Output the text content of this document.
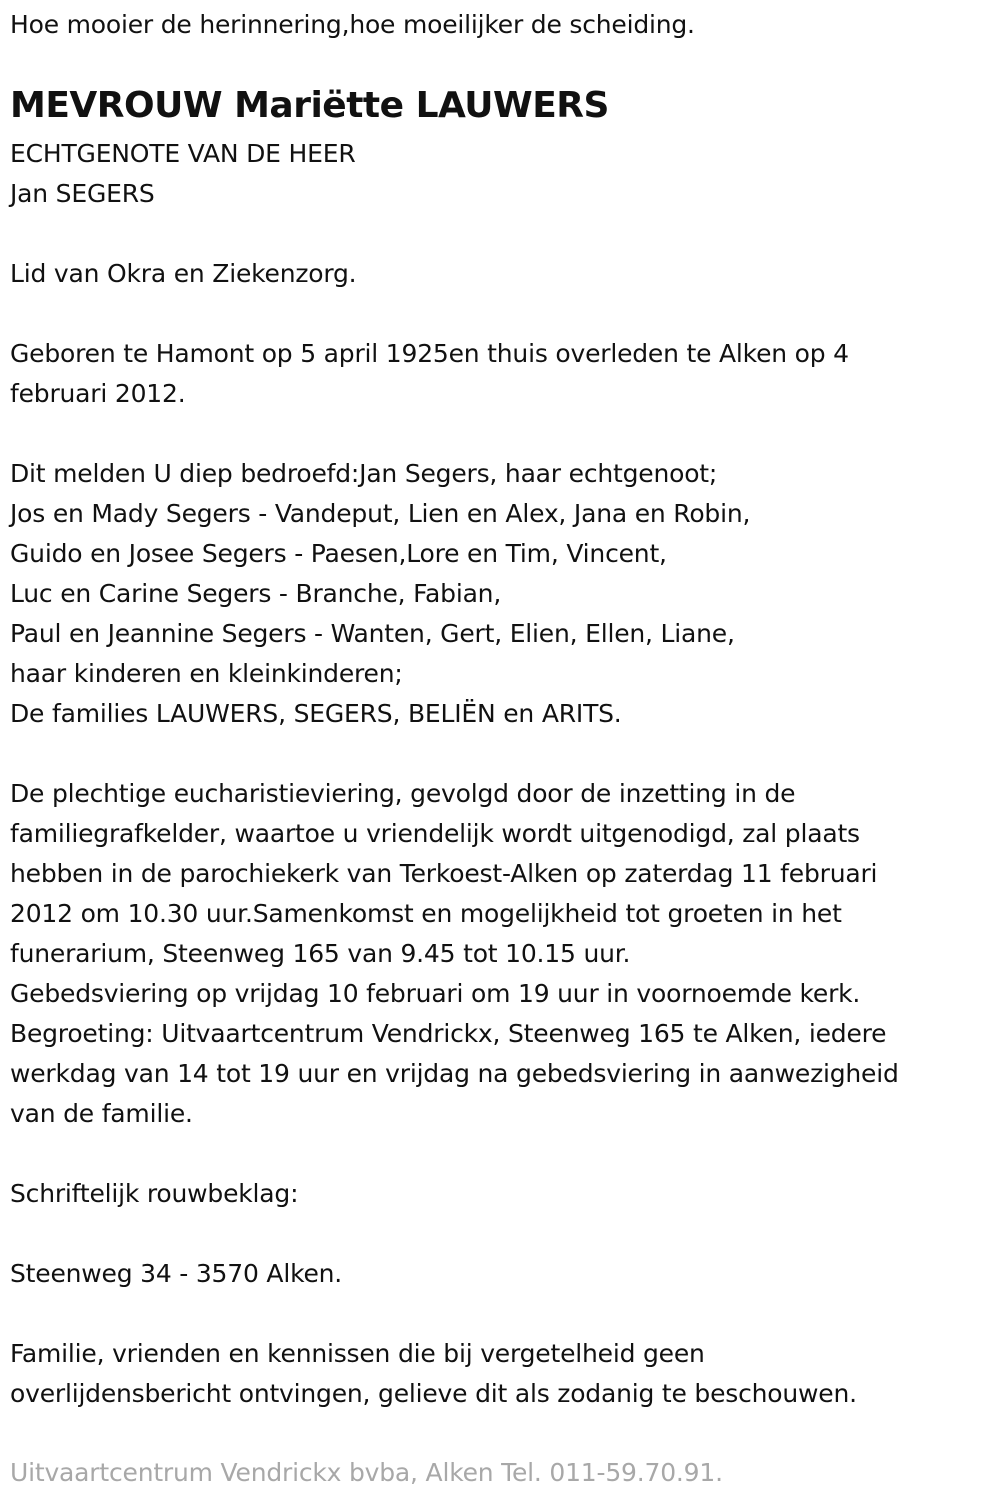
Hoe mooier de herinnering,hoe moeilijker de scheiding.
MEVROUW Mariëtte LAUWERS
ECHTGENOTE VAN DE HEER
Jan SEGERS
Lid van Okra en Ziekenzorg.
Geboren te Hamont op 5 april 1925en thuis overleden te Alken op 4
februari 2012.
Dit melden U diep bedroefd:Jan Segers, haar echtgenoot;
Jos en Mady Segers - Vandeput, Lien en Alex, Jana en Robin,
Guido en Josee Segers - Paesen,Lore en Tim, Vincent,
Luc en Carine Segers - Branche, Fabian,
Paul en Jeannine Segers - Wanten, Gert, Elien, Ellen, Liane,
haar kinderen en kleinkinderen;
De families LAUWERS, SEGERS, BELIËN en ARITS.
De plechtige eucharistieviering, gevolgd door de inzetting in de
familiegrafkelder, waartoe u vriendelijk wordt uitgenodigd, zal plaats
hebben in de parochiekerk van Terkoest-Alken op zaterdag 11 februari
2012 om 10.30 uur.Samenkomst en mogelijkheid tot groeten in het
funerarium, Steenweg 165 van 9.45 tot 10.15 uur.
Gebedsviering op vrijdag 10 februari om 19 uur in voornoemde kerk.
Begroeting: Uitvaartcentrum Vendrickx, Steenweg 165 te Alken, iedere
werkdag van 14 tot 19 uur en vrijdag na gebedsviering in aanwezigheid
van de familie.
Schriftelijk rouwbeklag:
Steenweg 34 - 3570 Alken.
Familie, vrienden en kennissen die bij vergetelheid geen
overlijdensbericht ontvingen, gelieve dit als zodanig te beschouwen.
Uitvaartcentrum Vendrickx bvba, Alken Tel. 011-59.70.91.
